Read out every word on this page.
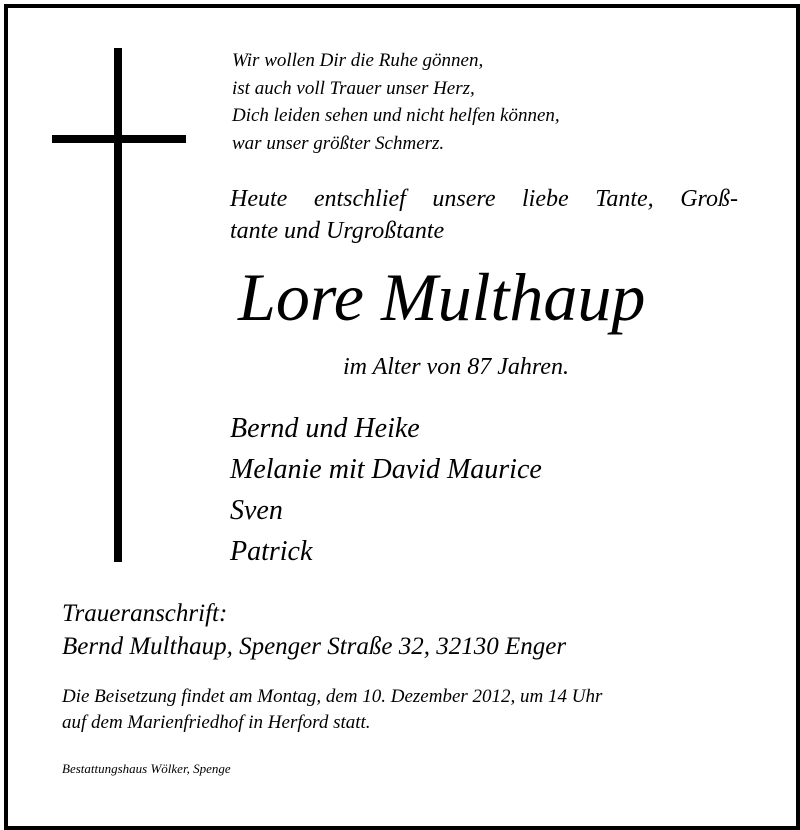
Wir wollen Dir die Ruhe gönnen,
ist auch voll Trauer unser Herz,
Dich leiden sehen und nicht helfen können,
war unser größter Schmerz.
Heute entschlief unsere liebe Tante, Groß-
tante und Urgroßtante
Lore Multhaup
im Alter von 87 Jahren.
Bernd und Heike
Melanie mit David Maurice
Sven
Patrick
Traueranschrift:
Bernd Multhaup, Spenger Straße 32, 32130 Enger
Die Beisetzung findet am Montag, dem 10. Dezember 2012, um 14 Uhr
auf dem Marienfriedhof in Herford statt.
Bestattungshaus Wölker, Spenge
